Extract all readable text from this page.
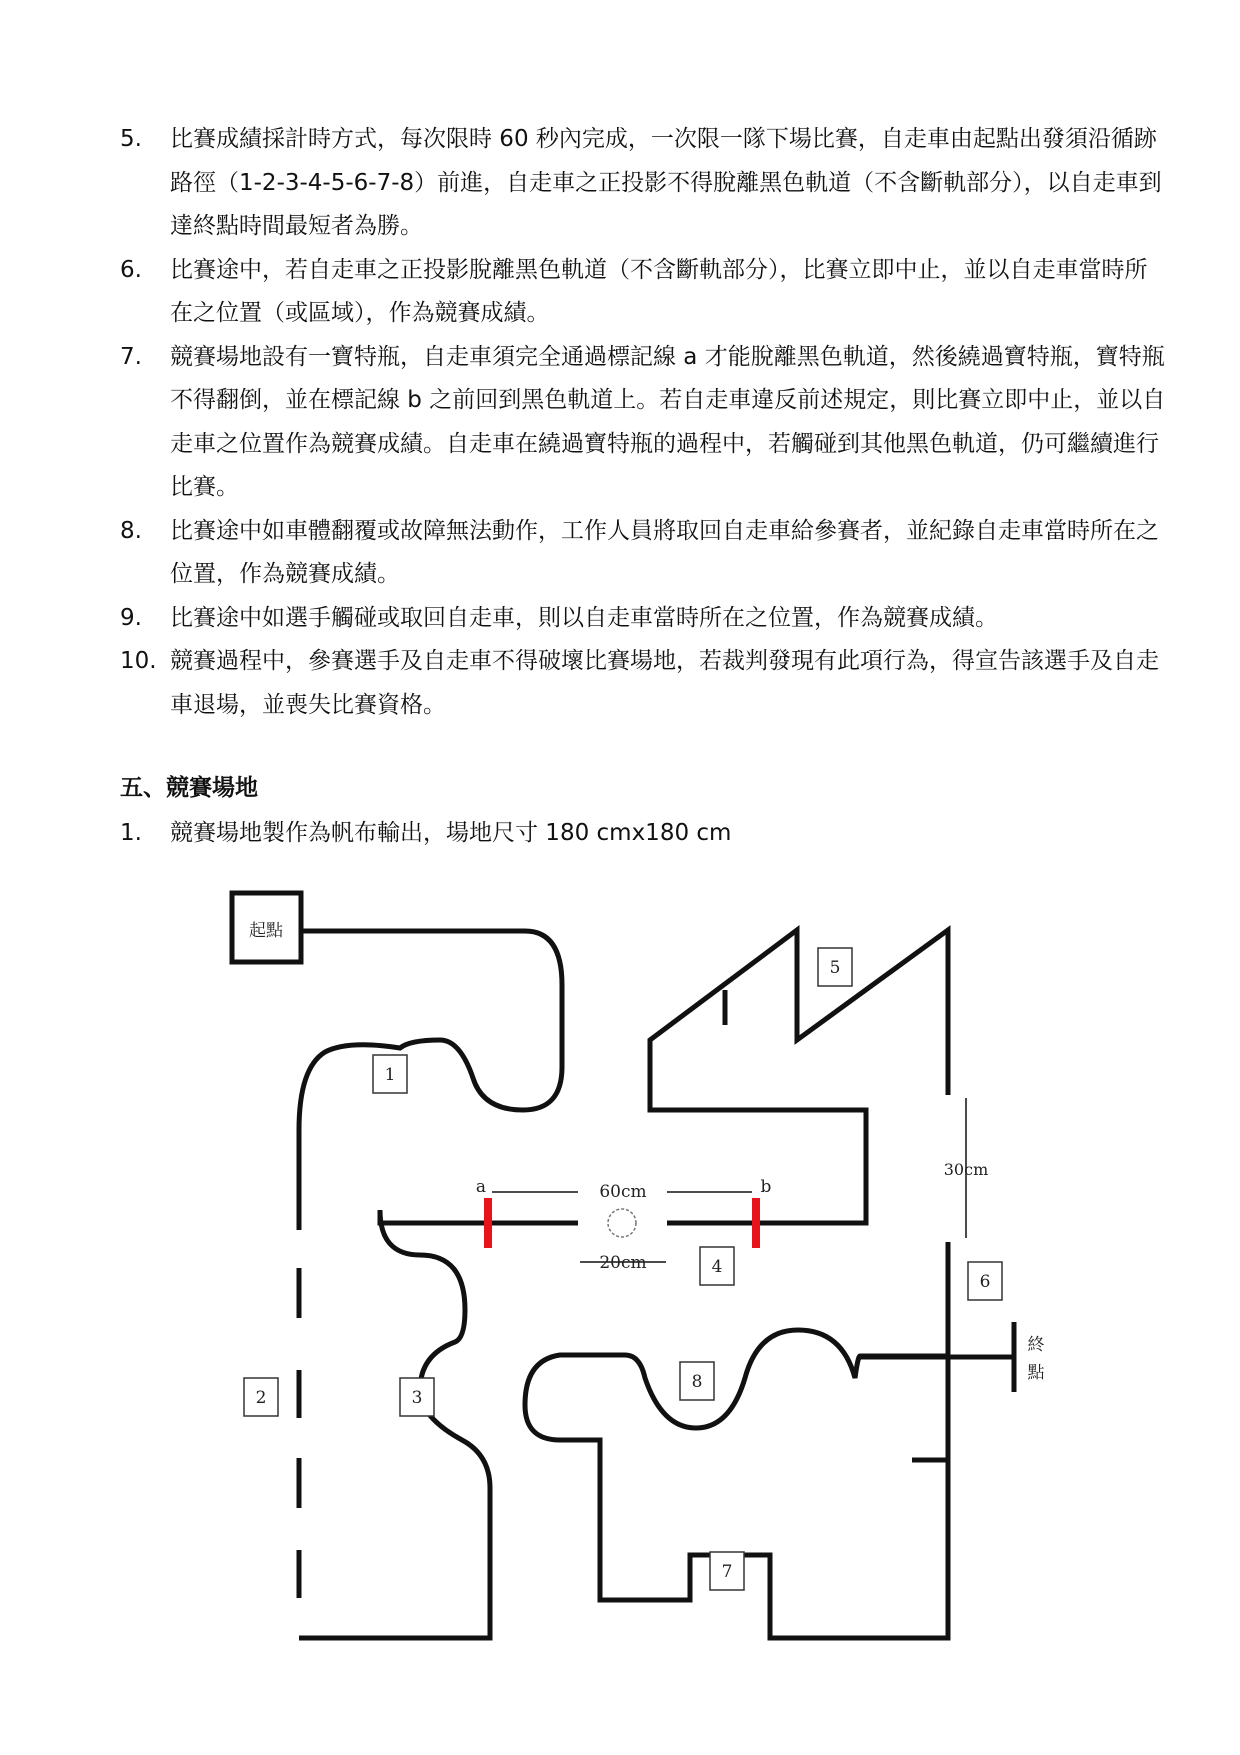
5.	比賽成績採計時方式，每次限時 60 秒內完成，一次限一隊下場比賽，自走車由起點出發須沿循跡路徑（1-2-3-4-5-6-7-8）前進，自走車之正投影不得脫離黑色軌道（不含斷軌部分），以自走車到達終點時間最短者為勝。
6.	比賽途中，若自走車之正投影脫離黑色軌道（不含斷軌部分），比賽立即中止，並以自走車當時所在之位置（或區域），作為競賽成績。
7.	競賽場地設有一寶特瓶，自走車須完全通過標記線 a 才能脫離黑色軌道，然後繞過寶特瓶，寶特瓶不得翻倒，並在標記線 b 之前回到黑色軌道上。若自走車違反前述規定，則比賽立即中止，並以自走車之位置作為競賽成績。自走車在繞過寶特瓶的過程中，若觸碰到其他黑色軌道，仍可繼續進行比賽。
8.	比賽途中如車體翻覆或故障無法動作，工作人員將取回自走車給參賽者，並紀錄自走車當時所在之位置，作為競賽成績。
9.	比賽途中如選手觸碰或取回自走車，則以自走車當時所在之位置，作為競賽成績。
10. 競賽過程中，參賽選手及自走車不得破壞比賽場地，若裁判發現有此項行為，得宣告該選手及自走車退場，並喪失比賽資格。
五、競賽場地
1.	競賽場地製作為帆布輸出，場地尺寸 180 cmx180 cm
起點
1
2	3
4
5
6
7
8
a	b
60cm
20cm
30cm
終
點
